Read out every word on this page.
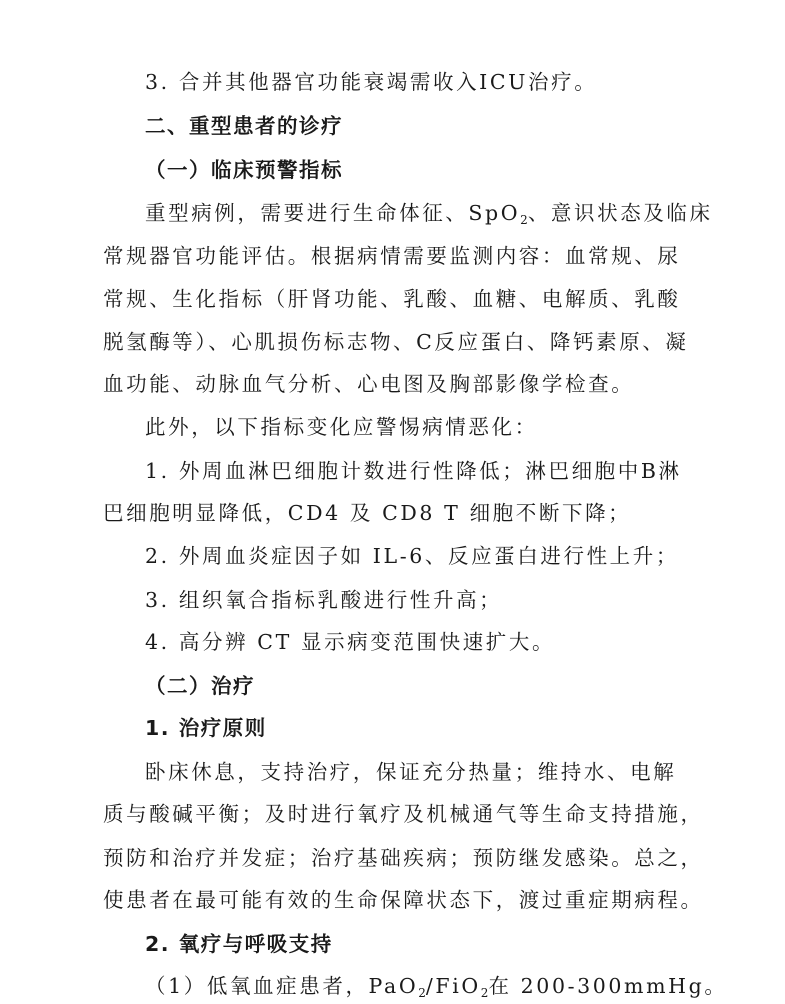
3. 合并其他器官功能衰竭需收入ICU治疗。
二、重型患者的诊疗
（一）临床预警指标
重型病例，需要进行生命体征、SpO$_2$、意识状态及临床
常规器官功能评估。根据病情需要监测内容：血常规、尿
常规、生化指标（肝肾功能、乳酸、血糖、电解质、乳酸
脱氢酶等）、心肌损伤标志物、C反应蛋白、降钙素原、凝
血功能、动脉血气分析、心电图及胸部影像学检查。
此外，以下指标变化应警惕病情恶化：
1. 外周血淋巴细胞计数进行性降低；淋巴细胞中B淋
巴细胞明显降低，CD4 及 CD8 T 细胞不断下降；
2. 外周血炎症因子如 IL-6、反应蛋白进行性上升；
3. 组织氧合指标乳酸进行性升高；
4. 高分辨 CT 显示病变范围快速扩大。
（二）治疗
1. 治疗原则
卧床休息，支持治疗，保证充分热量；维持水、电解
质与酸碱平衡；及时进行氧疗及机械通气等生命支持措施，
预防和治疗并发症；治疗基础疾病；预防继发感染。总之，
使患者在最可能有效的生命保障状态下，渡过重症期病程。
2. 氧疗与呼吸支持
（1）低氧血症患者，PaO$_2$/FiO$_2$在 200-300mmHg。
